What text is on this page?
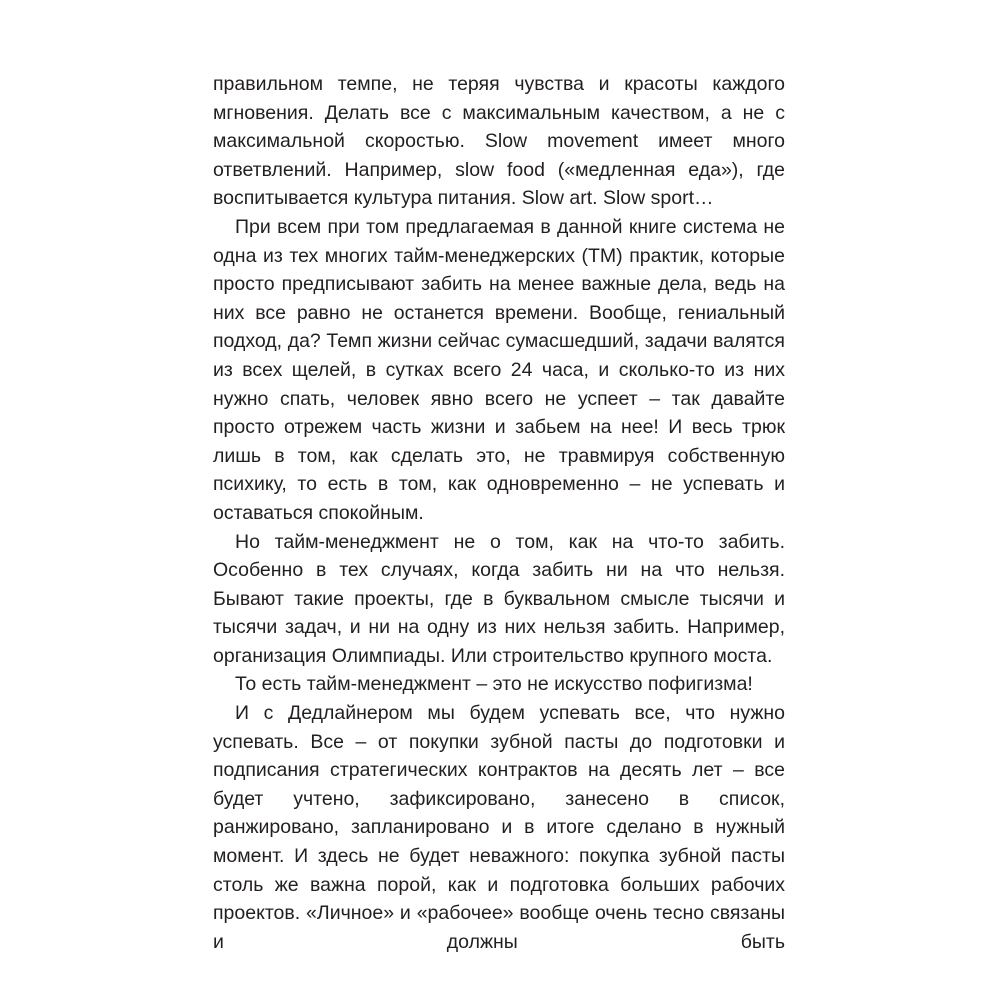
правильном темпе, не теряя чувства и красоты каждого мгновения. Делать все с максимальным качеством, а не с максимальной скоростью. Slow movement имеет много ответвлений. Например, slow food («медленная еда»), где воспитывается культура питания. Slow art. Slow sport…

При всем при том предлагаемая в данной книге система не одна из тех многих тайм-менеджерских (ТМ) практик, которые просто предписывают забить на менее важные дела, ведь на них все равно не останется времени. Вообще, гениальный подход, да? Темп жизни сейчас сумасшедший, задачи валятся из всех щелей, в сутках всего 24 часа, и сколько-то из них нужно спать, человек явно всего не успеет – так давайте просто отрежем часть жизни и забьем на нее! И весь трюк лишь в том, как сделать это, не травмируя собственную психику, то есть в том, как одновременно – не успевать и оставаться спокойным.

Но тайм-менеджмент не о том, как на что-то забить. Особенно в тех случаях, когда забить ни на что нельзя. Бывают такие проекты, где в буквальном смысле тысячи и тысячи задач, и ни на одну из них нельзя забить. Например, организация Олимпиады. Или строительство крупного моста.

То есть тайм-менеджмент – это не искусство пофигизма!

И с Дедлайнером мы будем успевать все, что нужно успевать. Все – от покупки зубной пасты до подготовки и подписания стратегических контрактов на десять лет – все будет учтено, зафиксировано, занесено в список, ранжировано, запланировано и в итоге сделано в нужный момент. И здесь не будет неважного: покупка зубной пасты столь же важна порой, как и подготовка больших рабочих проектов. «Личное» и «рабочее» вообще очень тесно связаны и должны быть
